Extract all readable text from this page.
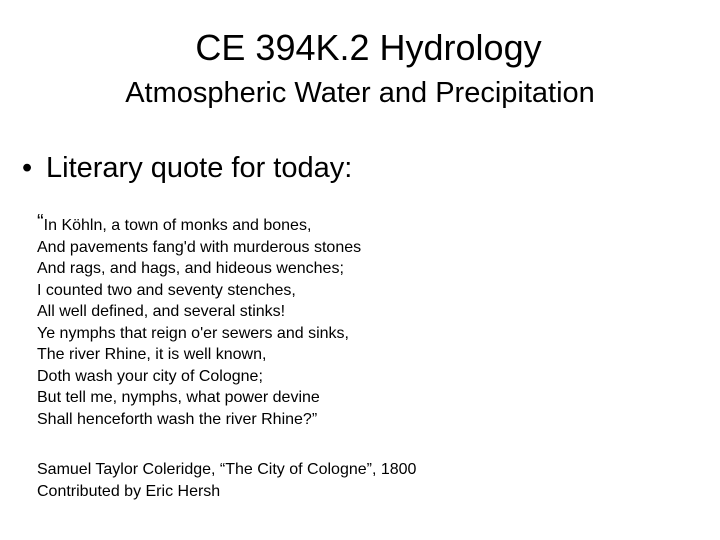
CE 394K.2 Hydrology
Atmospheric Water and Precipitation
• Literary quote for today:
“In Köhln, a town of monks and bones,
And pavements fang'd with murderous stones
And rags, and hags, and hideous wenches;
I counted two and seventy stenches,
All well defined, and several stinks!
Ye nymphs that reign o'er sewers and sinks,
The river Rhine, it is well known,
Doth wash your city of Cologne;
But tell me, nymphs, what power devine
Shall henceforth wash the river Rhine?”
Samuel Taylor Coleridge, “The City of Cologne”, 1800
Contributed by Eric Hersh
